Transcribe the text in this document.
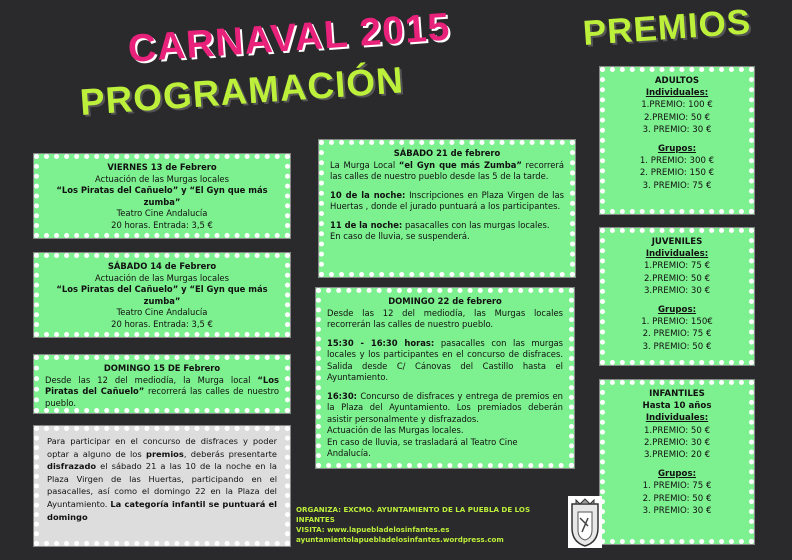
CARNAVAL 2015
PROGRAMACIÓN
PREMIOS

VIERNES 13 de Febrero

Actuación de las Murgas locales

“Los Piratas del Cañuelo” y “El Gyn que más zumba”

Teatro Cine Andalucía

20 horas. Entrada: 3,5 €

SÁBADO 14 de Febrero

Actuación de las Murgas locales

“Los Piratas del Cañuelo” y “El Gyn que más zumba”

Teatro Cine Andalucía

20 horas. Entrada: 3,5 €

DOMINGO 15 DE Febrero

Desde las 12 del mediodía, la Murga local “Los Piratas del Cañuelo” recorrerá las calles de nuestro pueblo.

Para participar en el concurso de disfraces y poder optar a alguno de los premios, deberás presentarte disfrazado el sábado 21 a las 10 de la noche en la Plaza Virgen de las Huertas, participando en el pasacalles, así como el domingo 22 en la Plaza del Ayuntamiento. La categoría infantil se puntuará el domingo

SÁBADO 21 de febrero

La Murga Local “el Gyn que más Zumba” recorrerá las calles de nuestro pueblo desde las 5 de la tarde.

10 de la noche: Inscripciones en Plaza Virgen de las Huertas , donde el jurado puntuará a los participantes.

11 de la noche: pasacalles con las murgas locales.

En caso de lluvia, se suspenderá.

DOMINGO 22 de febrero

Desde las 12 del mediodía, las Murgas locales recorrerán las calles de nuestro pueblo.

15:30 - 16:30 horas: pasacalles con las murgas locales y los participantes en el concurso de disfraces. Salida desde C/ Cánovas del Castillo hasta el Ayuntamiento.

16:30: Concurso de disfraces y entrega de premios en la Plaza del Ayuntamiento. Los premiados deberán asistir personalmente y disfrazados.

Actuación de las Murgas locales.

En caso de lluvia, se trasladará al Teatro Cine Andalucía.

ADULTOS

Individuales:

1.PREMIO: 100 €

2.PREMIO: 50 €

3. PREMIO: 30 €

Grupos:

1. PREMIO: 300 €

2. PREMIO: 150 €

3. PREMIO: 75 €

JUVENILES

Individuales:

1.PREMIO: 75 €

2.PREMIO: 50 €

3.PREMIO: 30 €

Grupos:

1. PREMIO: 150€

2. PREMIO: 75 €

3. PREMIO: 50 €

INFANTILES

Hasta 10 años

Individuales:

1.PREMIO: 50 €

2.PREMIO: 30 €

3.PREMIO: 20 €

Grupos:

1. PREMIO: 75 €

2. PREMIO: 50 €

3. PREMIO: 30 €

ORGANIZA: EXCMO. AYUNTAMIENTO DE LA PUEBLA DE LOS INFANTES

VISITA: www.lapuebladelosinfantes.es

ayuntamientolapuebladelosinfantes.wordpress.com
